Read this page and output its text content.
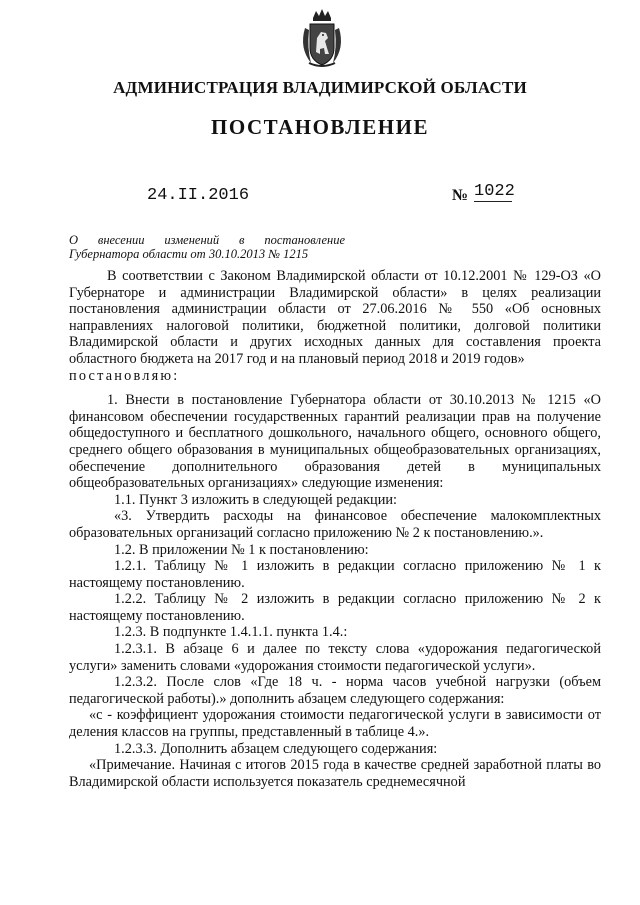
АДМИНИСТРАЦИЯ ВЛАДИМИРСКОЙ ОБЛАСТИ
ПОСТАНОВЛЕНИЕ
24.II.2016	№ 1022
О внесении изменений в постановление
Губернатора области от 30.10.2013 № 1215

В соответствии с Законом Владимирской области от 10.12.2001 № 129-ОЗ «О Губернаторе и администрации Владимирской области» в целях реализации постановления администрации области от 27.06.2016 № 550 «Об основных направлениях налоговой политики, бюджетной политики, долговой политики Владимирской области и других исходных данных для составления проекта областного бюджета на 2017 год и на плановый период 2018 и 2019 годов»

постановляю:

1. Внести в постановление Губернатора области от 30.10.2013 № 1215 «О финансовом обеспечении государственных гарантий реализации прав на получение общедоступного и бесплатного дошкольного, начального общего, основного общего, среднего общего образования в муниципальных общеобразовательных организациях, обеспечение дополнительного образования детей в муниципальных общеобразовательных организациях» следующие изменения:

1.1. Пункт 3 изложить в следующей редакции:

«3. Утвердить расходы на финансовое обеспечение малокомплектных образовательных организаций согласно приложению № 2 к постановлению.».

1.2. В приложении № 1 к постановлению:

1.2.1. Таблицу № 1 изложить в редакции согласно приложению № 1 к настоящему постановлению.

1.2.2. Таблицу № 2 изложить в редакции согласно приложению № 2 к настоящему постановлению.

1.2.3. В подпункте 1.4.1.1. пункта 1.4.:

1.2.3.1. В абзаце 6 и далее по тексту слова «удорожания педагогической услуги» заменить словами «удорожания стоимости педагогической услуги».

1.2.3.2. После слов «Где 18 ч. - норма часов учебной нагрузки (объем педагогической работы).» дополнить абзацем следующего содержания:

«с - коэффициент удорожания стоимости педагогической услуги в зависимости от деления классов на группы, представленный в таблице 4.».

1.2.3.3. Дополнить абзацем следующего содержания:

«Примечание. Начиная с итогов 2015 года в качестве средней заработной платы во Владимирской области используется показатель среднемесячной
